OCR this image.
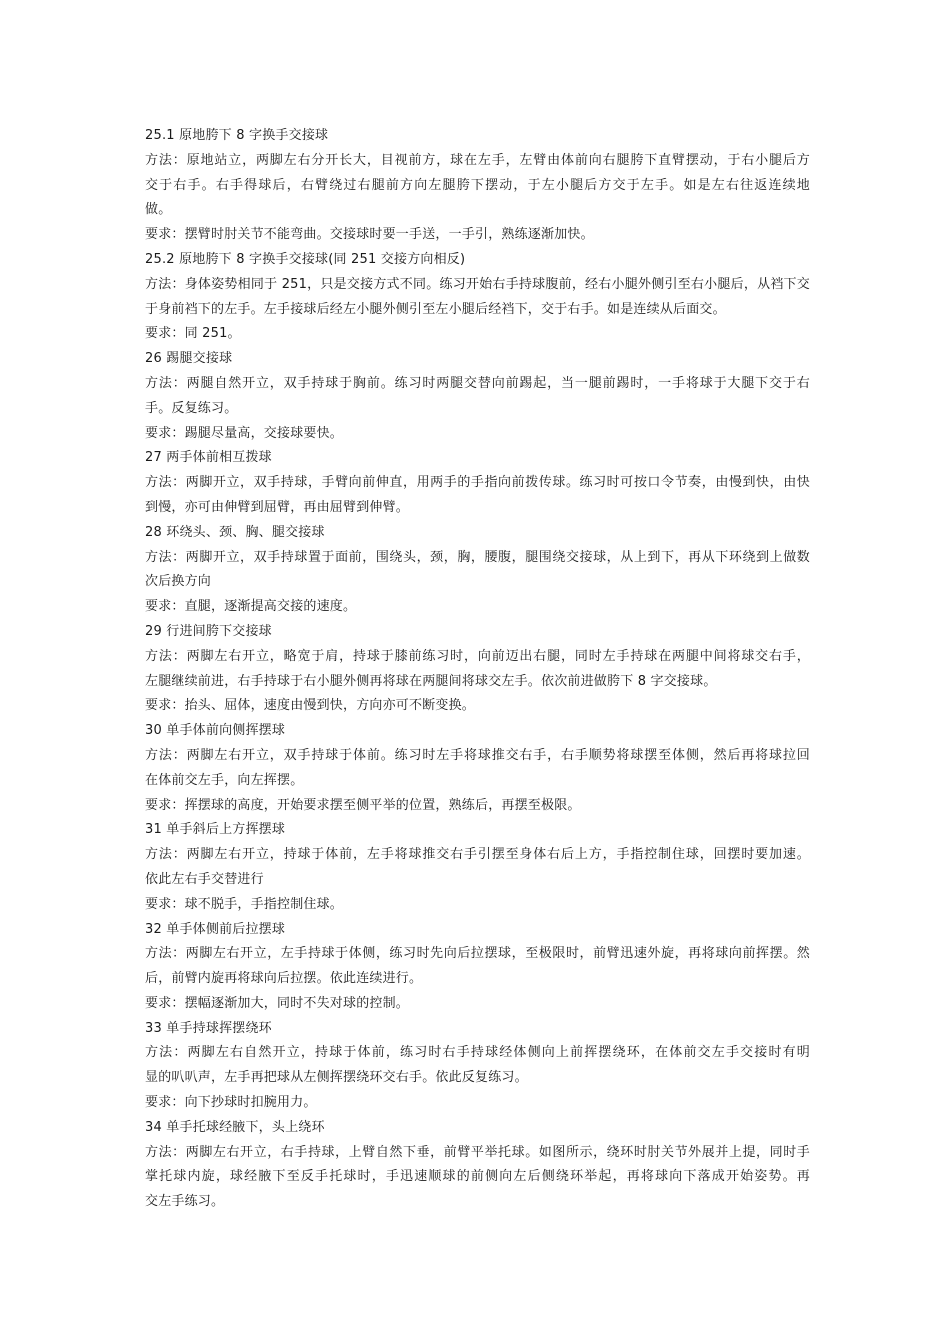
25.1 原地胯下 8 字换手交接球
方法：原地站立，两脚左右分开长大，目视前方，球在左手，左臂由体前向右腿胯下直臂摆动，于右小腿后方
交于右手。右手得球后，右臂绕过右腿前方向左腿胯下摆动，于左小腿后方交于左手。如是左右往返连续地
做。
要求：摆臂时肘关节不能弯曲。交接球时要一手送，一手引，熟练逐渐加快。
25.2 原地胯下 8 字换手交接球(同 251 交接方向相反)
方法：身体姿势相同于 251，只是交接方式不同。练习开始右手持球腹前，经右小腿外侧引至右小腿后，从裆下交
于身前裆下的左手。左手接球后经左小腿外侧引至左小腿后经裆下，交于右手。如是连续从后面交。
要求：同 251。
26 踢腿交接球
方法：两腿自然开立，双手持球于胸前。练习时两腿交替向前踢起，当一腿前踢时，一手将球于大腿下交于右
手。反复练习。
要求：踢腿尽量高，交接球要快。
27 两手体前相互拨球
方法：两脚开立，双手持球，手臂向前伸直，用两手的手指向前拨传球。练习时可按口令节奏，由慢到快，由快
到慢，亦可由伸臂到屈臂，再由屈臂到伸臂。
28 环绕头、颈、胸、腿交接球
方法：两脚开立，双手持球置于面前，围绕头，颈，胸，腰腹，腿围绕交接球，从上到下，再从下环绕到上做数
次后换方向
要求：直腿，逐渐提高交接的速度。
29 行进间胯下交接球
方法：两脚左右开立，略宽于肩，持球于膝前练习时，向前迈出右腿，同时左手持球在两腿中间将球交右手，
左腿继续前进，右手持球于右小腿外侧再将球在两腿间将球交左手。依次前进做胯下 8 字交接球。
要求：抬头、屈体，速度由慢到快，方向亦可不断变换。
30 单手体前向侧挥摆球
方法：两脚左右开立，双手持球于体前。练习时左手将球推交右手，右手顺势将球摆至体侧，然后再将球拉回
在体前交左手，向左挥摆。
要求：挥摆球的高度，开始要求摆至侧平举的位置，熟练后，再摆至极限。
31 单手斜后上方挥摆球
方法：两脚左右开立，持球于体前，左手将球推交右手引摆至身体右后上方，手指控制住球，回摆时要加速。
依此左右手交替进行
要求：球不脱手，手指控制住球。
32 单手体侧前后拉摆球
方法：两脚左右开立，左手持球于体侧，练习时先向后拉摆球，至极限时，前臂迅速外旋，再将球向前挥摆。然
后，前臂内旋再将球向后拉摆。依此连续进行。
要求：摆幅逐渐加大，同时不失对球的控制。
33 单手持球挥摆绕环
方法：两脚左右自然开立，持球于体前，练习时右手持球经体侧向上前挥摆绕环，在体前交左手交接时有明
显的叭叭声，左手再把球从左侧挥摆绕环交右手。依此反复练习。
要求：向下抄球时扣腕用力。
34 单手托球经腋下，头上绕环
方法：两脚左右开立，右手持球，上臂自然下垂，前臂平举托球。如图所示，绕环时肘关节外展并上提，同时手
掌托球内旋，球经腋下至反手托球时，手迅速顺球的前侧向左后侧绕环举起，再将球向下落成开始姿势。再
交左手练习。
